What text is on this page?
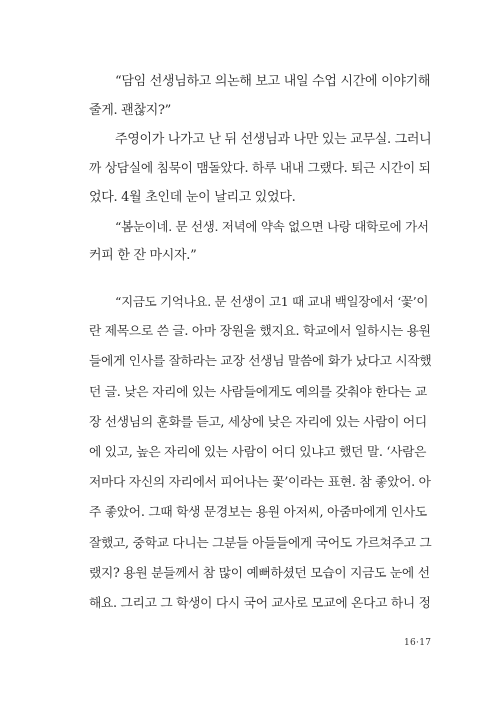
“담임 선생님하고 의논해 보고 내일 수업 시간에 이야기해
줄게. 괜찮지?”
주영이가 나가고 난 뒤 선생님과 나만 있는 교무실. 그러니
까 상담실에 침묵이 맴돌았다. 하루 내내 그랬다. 퇴근 시간이 되
었다. 4월 초인데 눈이 날리고 있었다.
“봄눈이네. 문 선생. 저녁에 약속 없으면 나랑 대학로에 가서
커피 한 잔 마시자.”
“지금도 기억나요. 문 선생이 고1 때 교내 백일장에서 ‘꽃’이
란 제목으로 쓴 글. 아마 장원을 했지요. 학교에서 일하시는 용원
들에게 인사를 잘하라는 교장 선생님 말씀에 화가 났다고 시작했
던 글. 낮은 자리에 있는 사람들에게도 예의를 갖춰야 한다는 교
장 선생님의 훈화를 듣고, 세상에 낮은 자리에 있는 사람이 어디
에 있고, 높은 자리에 있는 사람이 어디 있냐고 했던 말. ‘사람은
저마다 자신의 자리에서 피어나는 꽃’이라는 표현. 참 좋았어. 아
주 좋았어. 그때 학생 문경보는 용원 아저씨, 아줌마에게 인사도
잘했고, 중학교 다니는 그분들 아들들에게 국어도 가르쳐주고 그
랬지? 용원 분들께서 참 많이 예뻐하셨던 모습이 지금도 눈에 선
해요. 그리고 그 학생이 다시 국어 교사로 모교에 온다고 하니 정
16·17
